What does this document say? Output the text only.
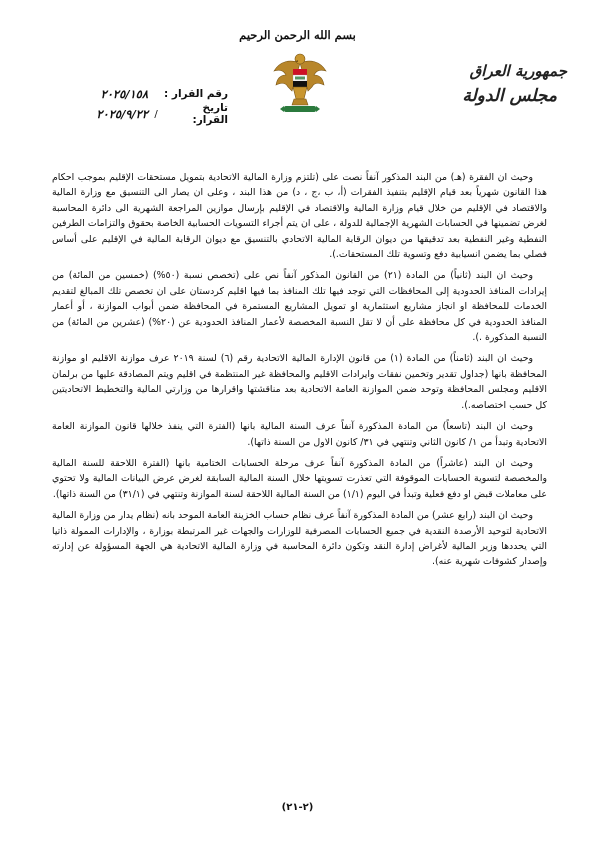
بسم الله الرحمن الرحيم
جمهورية العراق
مجلس الدولة
رقم القرار :
٢٠٢٥/١٥٨
تاريخ القرار:
/
٢٠٢٥/٩/٢٢

وحيث ان الفقرة (هـ) من البند المذكور آنفاً نصت على (تلتزم وزارة المالية الاتحادية بتمويل مستحقات الإقليم بموجب احكام هذا القانون شهرياً بعد قيام الإقليم بتنفيذ الفقرات (أ، ب ،ج ، د) من هذا البند ، وعلى ان يصار الى التنسيق مع وزارة المالية والاقتصاد في الإقليم من خلال قيام وزارة المالية والاقتصاد في الإقليم بإرسال موازين المراجعة الشهرية الى دائرة المحاسبة لغرض تضمينها في الحسابات الشهرية الإجمالية للدولة ، على ان يتم أجراء التسويات الحسابية الخاصة بحقوق والتزامات الطرفين النفطية وغير النفطية بعد تدقيقها من ديوان الرقابة المالية الاتحادي بالتنسيق مع ديوان الرقابة المالية في الإقليم على أساس فصلي بما يضمن انسيابية دفع وتسوية تلك المستحقات.).

وحيث ان البند (ثانياً) من المادة (٢١) من القانون المذكور آنفاً نص على (تخصص نسبة (٥٠%) (خمسين من المائة) من إيرادات المنافذ الحدودية إلى المحافظات التي توجد فيها تلك المنافذ بما فيها اقليم كردستان على ان تخصص تلك المبالغ لتقديم الخدمات للمحافظة او انجاز مشاريع استثمارية او تمويل المشاريع المستمرة في المحافظة ضمن أبواب الموازنة ، أو أعمار المنافذ الحدودية في كل محافظة على أن لا تقل النسبة المخصصة لأعمار المنافذ الحدودية عن (٢٠%) (عشرين من المائة) من النسبة المذكورة .).

وحيث ان البند (ثامناً) من المادة (١) من قانون الإدارة المالية الاتحادية رقم (٦) لسنة ٢٠١٩ عرف موازنة الاقليم او موازنة المحافظة بانها (جداول تقدير وتخمين نفقات وايرادات الاقليم والمحافظة غير المنتظمة في اقليم ويتم المصادقة عليها من برلمان الاقليم ومجلس المحافظة وتوحد ضمن الموازنة العامة الاتحادية بعد مناقشتها واقرارها من وزارتي المالية والتخطيط الاتحاديتين كل حسب اختصاصه.).

وحيث ان البند (تاسعاً) من المادة المذكورة آنفاً عرف السنة المالية بانها (الفترة التي ينفذ خلالها قانون الموازنة العامة الاتحادية وتبدأ من ١/ كانون الثاني وتنتهي في ٣١/ كانون الاول من السنة ذاتها).

وحيث ان البند (عاشراً) من المادة المذكورة آنفاً عرف مرحلة الحسابات الختامية بانها (الفترة اللاحقة للسنة المالية والمخصصة لتسوية الحسابات الموقوفة التي تعذرت تسويتها خلال السنة المالية السابقة لغرض عرض البيانات المالية ولا تحتوي على معاملات قبض او دفع فعلية وتبدأ في اليوم (١/١) من السنة المالية اللاحقة لسنة الموازنة وتنتهي في (٣١/١) من السنة ذاتها).

وحيث ان البند (رابع عشر) من المادة المذكورة آنفاً عرف نظام حساب الخزينة العامة الموحد بانه (نظام يدار من وزارة المالية الاتحادية لتوحيد الأرصدة النقدية في جميع الحسابات المصرفية للوزارات والجهات غير المرتبطة بوزارة ، والإدارات الممولة ذاتيا التي يحددها وزير المالية لأغراض إدارة النقد وتكون دائرة المحاسبة في وزارة المالية الاتحادية هي الجهة المسؤولة عن إدارته وإصدار كشوفات شهرية عنه).

(٢-٢١)
